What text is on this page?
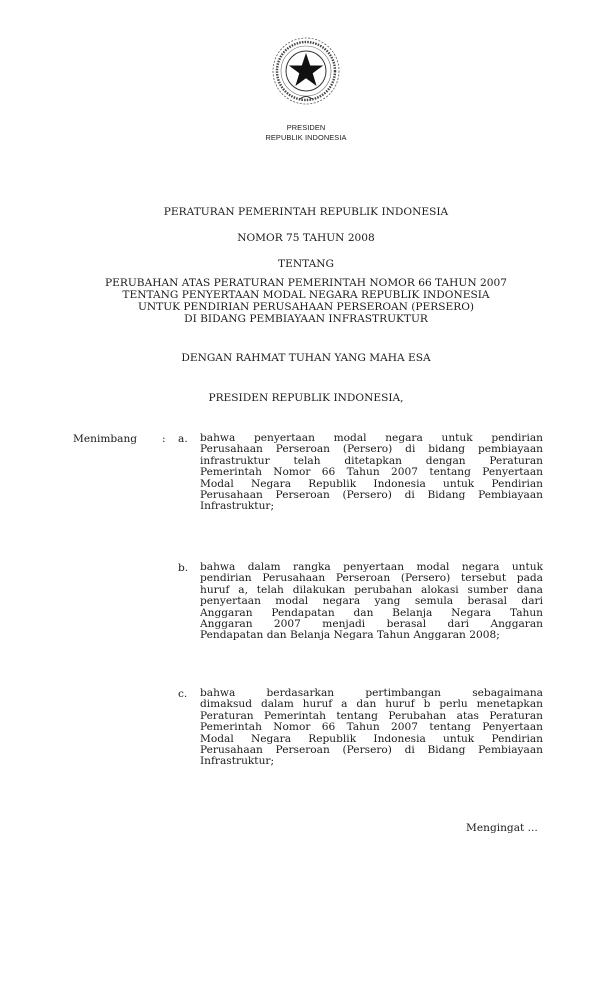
PRESIDEN
REPUBLIK INDONESIA
PERATURAN PEMERINTAH REPUBLIK INDONESIA
NOMOR 75 TAHUN 2008
TENTANG
PERUBAHAN ATAS PERATURAN PEMERINTAH NOMOR 66 TAHUN 2007
TENTANG PENYERTAAN MODAL NEGARA REPUBLIK INDONESIA
UNTUK PENDIRIAN PERUSAHAAN PERSEROAN (PERSERO)
DI BIDANG PEMBIAYAAN INFRASTRUKTUR
DENGAN RAHMAT TUHAN YANG MAHA ESA
PRESIDEN REPUBLIK INDONESIA,
Menimbang : a. bahwa penyertaan modal negara untuk pendirian
Perusahaan Perseroan (Persero) di bidang pembiayaan
infrastruktur telah ditetapkan dengan Peraturan
Pemerintah Nomor 66 Tahun 2007 tentang Penyertaan
Modal Negara Republik Indonesia untuk Pendirian
Perusahaan Perseroan (Persero) di Bidang Pembiayaan
Infrastruktur;
b. bahwa dalam rangka penyertaan modal negara untuk
pendirian Perusahaan Perseroan (Persero) tersebut pada
huruf a, telah dilakukan perubahan alokasi sumber dana
penyertaan modal negara yang semula berasal dari
Anggaran Pendapatan dan Belanja Negara Tahun
Anggaran 2007 menjadi berasal dari Anggaran
Pendapatan dan Belanja Negara Tahun Anggaran 2008;
c. bahwa berdasarkan pertimbangan sebagaimana
dimaksud dalam huruf a dan huruf b perlu menetapkan
Peraturan Pemerintah tentang Perubahan atas Peraturan
Pemerintah Nomor 66 Tahun 2007 tentang Penyertaan
Modal Negara Republik Indonesia untuk Pendirian
Perusahaan Perseroan (Persero) di Bidang Pembiayaan
Infrastruktur;
Mengingat ...
